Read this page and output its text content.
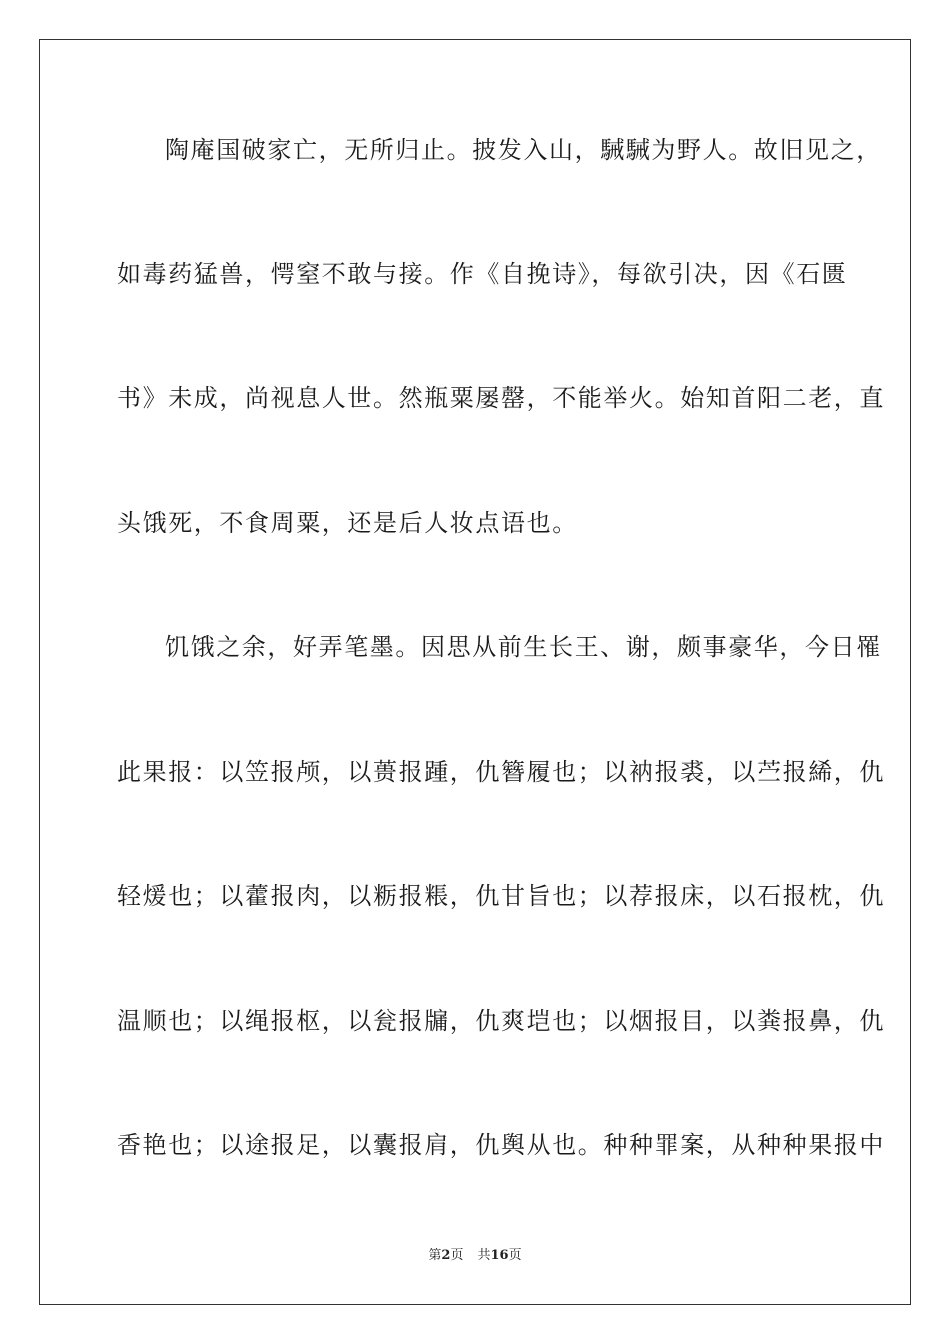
陶庵国破家亡，无所归止。披发入山，駴駴为野人。故旧见之，
如毒药猛兽，愕窒不敢与接。作《自挽诗》，每欲引决，因《石匮
书》未成，尚视息人世。然瓶粟屡罄，不能举火。始知首阳二老，直
头饿死，不食周粟，还是后人妆点语也。
饥饿之余，好弄笔墨。因思从前生长王、谢，颇事豪华，今日罹
此果报：以笠报颅，以蒉报踵，仇簪履也；以衲报裘，以苎报絺，仇
轻煖也；以藿报肉，以粝报粻，仇甘旨也；以荐报床，以石报枕，仇
温顺也；以绳报枢，以瓮报牖，仇爽垲也；以烟报目，以粪报鼻，仇
香艳也；以途报足，以囊报肩，仇舆从也。种种罪案，从种种果报中
第2页 共16页
